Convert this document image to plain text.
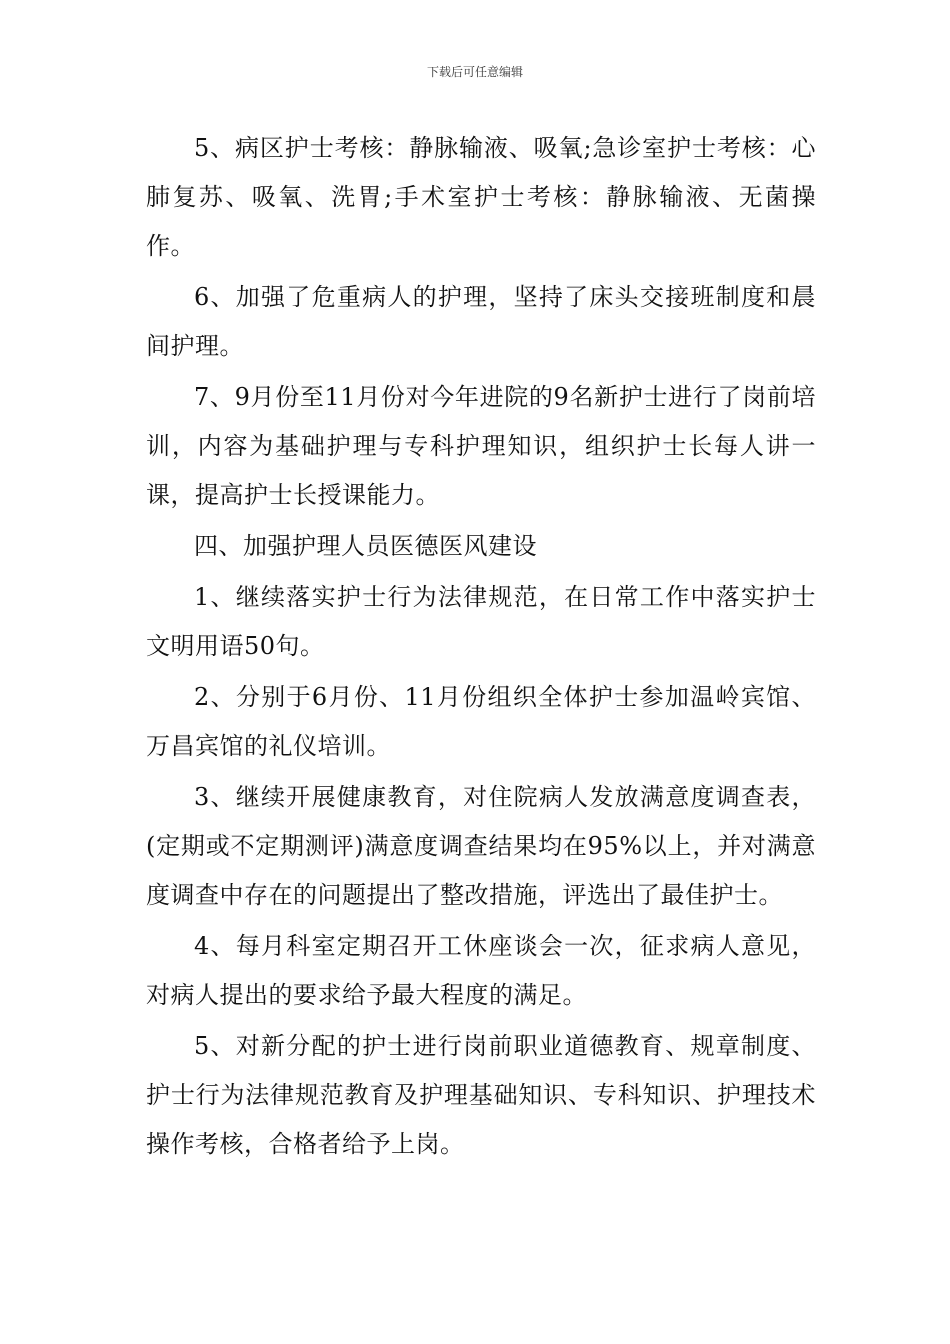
下载后可任意编辑

5、病区护士考核：静脉输液、吸氧;急诊室护士考核：心肺复苏、吸氧、洗胃;手术室护士考核：静脉输液、无菌操作。

6、加强了危重病人的护理，坚持了床头交接班制度和晨间护理。

7、9月份至11月份对今年进院的9名新护士进行了岗前培训，内容为基础护理与专科护理知识，组织护士长每人讲一课，提高护士长授课能力。

四、加强护理人员医德医风建设

1、继续落实护士行为法律规范，在日常工作中落实护士文明用语50句。

2、分别于6月份、11月份组织全体护士参加温岭宾馆、万昌宾馆的礼仪培训。

3、继续开展健康教育，对住院病人发放满意度调查表，(定期或不定期测评)满意度调查结果均在95%以上，并对满意度调查中存在的问题提出了整改措施，评选出了最佳护士。

4、每月科室定期召开工休座谈会一次，征求病人意见，对病人提出的要求给予最大程度的满足。

5、对新分配的护士进行岗前职业道德教育、规章制度、护士行为法律规范教育及护理基础知识、专科知识、护理技术操作考核，合格者给予上岗。
